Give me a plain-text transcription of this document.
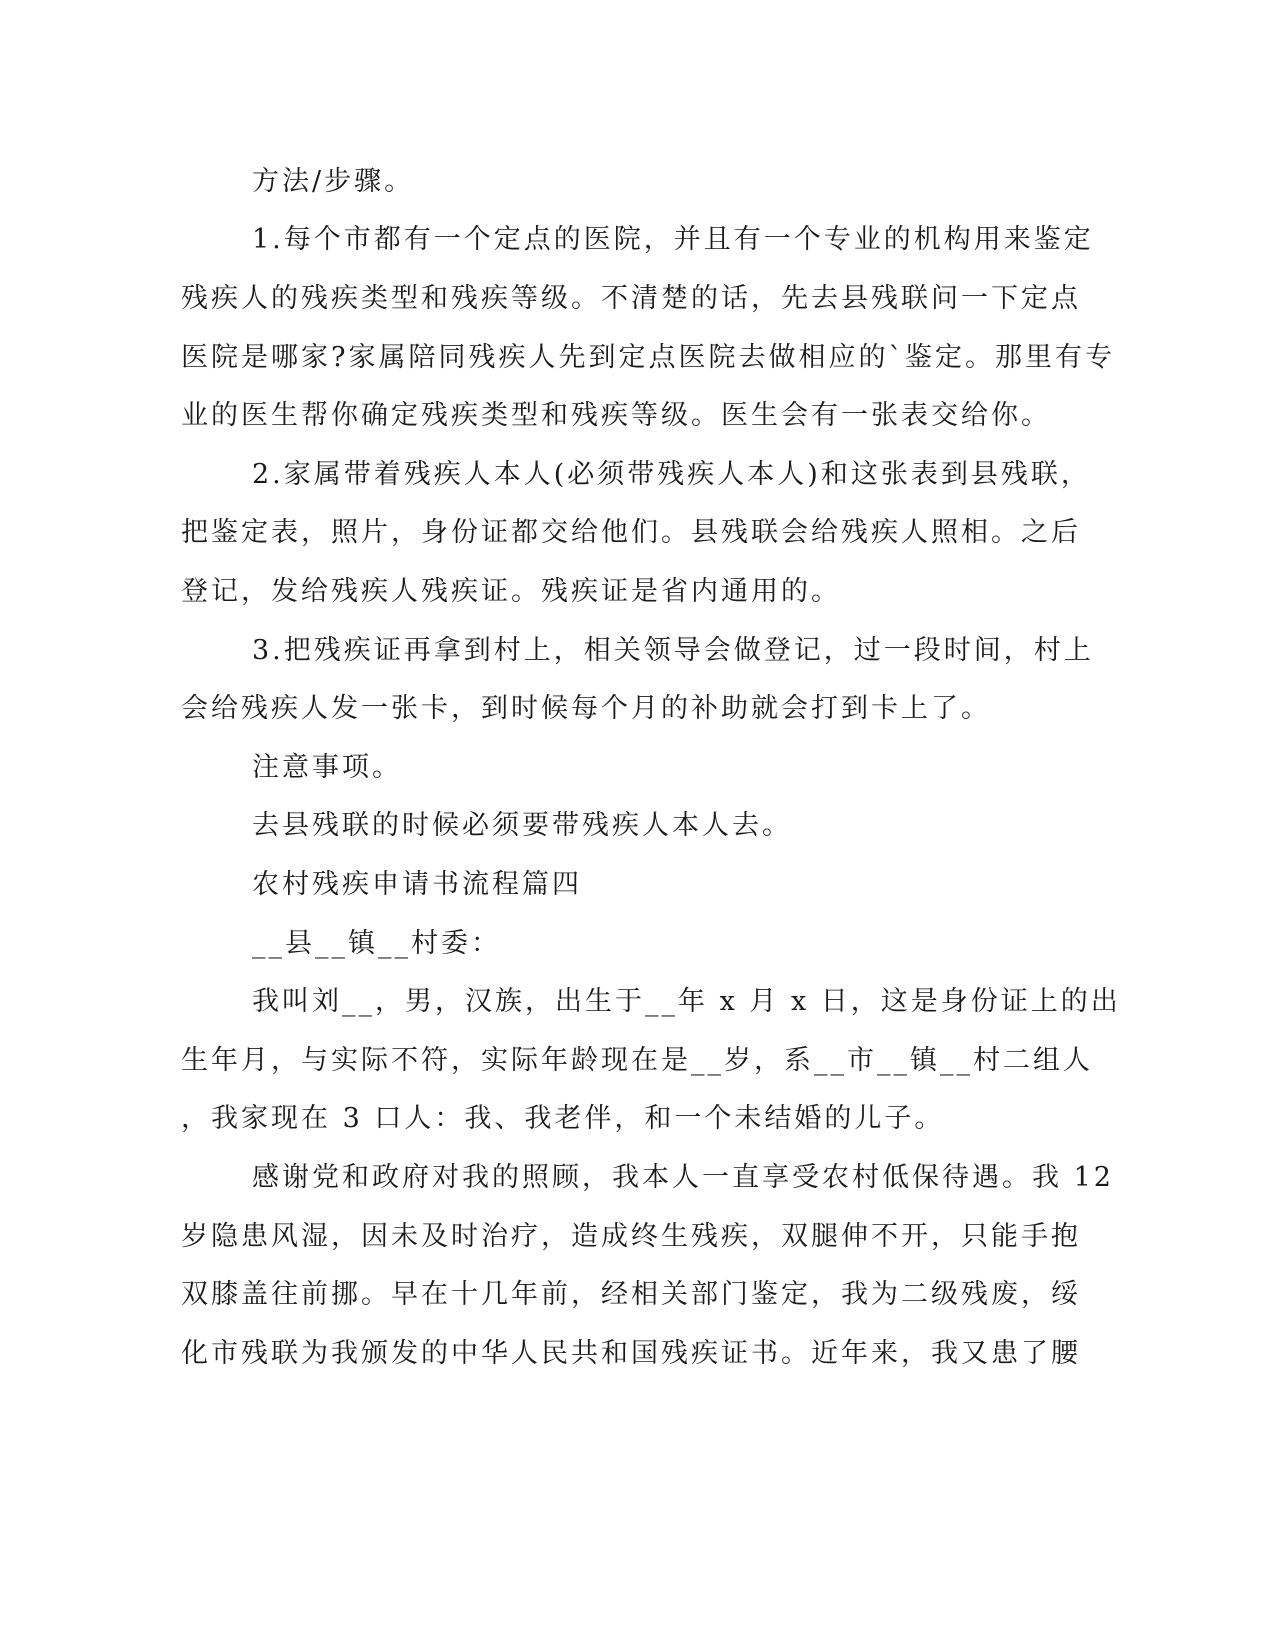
方法/步骤。
1.每个市都有一个定点的医院，并且有一个专业的机构用来鉴定
残疾人的残疾类型和残疾等级。不清楚的话，先去县残联问一下定点
医院是哪家?家属陪同残疾人先到定点医院去做相应的`鉴定。那里有专
业的医生帮你确定残疾类型和残疾等级。医生会有一张表交给你。
2.家属带着残疾人本人(必须带残疾人本人)和这张表到县残联，
把鉴定表，照片，身份证都交给他们。县残联会给残疾人照相。之后
登记，发给残疾人残疾证。残疾证是省内通用的。
3.把残疾证再拿到村上，相关领导会做登记，过一段时间，村上
会给残疾人发一张卡，到时候每个月的补助就会打到卡上了。
注意事项。
去县残联的时候必须要带残疾人本人去。
农村残疾申请书流程篇四
__县__镇__村委：
我叫刘__，男，汉族，出生于__年 x 月 x 日，这是身份证上的出
生年月，与实际不符，实际年龄现在是__岁，系__市__镇__村二组人
，我家现在 3 口人：我、我老伴，和一个未结婚的儿子。
感谢党和政府对我的照顾，我本人一直享受农村低保待遇。我 12
岁隐患风湿，因未及时治疗，造成终生残疾，双腿伸不开，只能手抱
双膝盖往前挪。早在十几年前，经相关部门鉴定，我为二级残废，绥
化市残联为我颁发的中华人民共和国残疾证书。近年来，我又患了腰
